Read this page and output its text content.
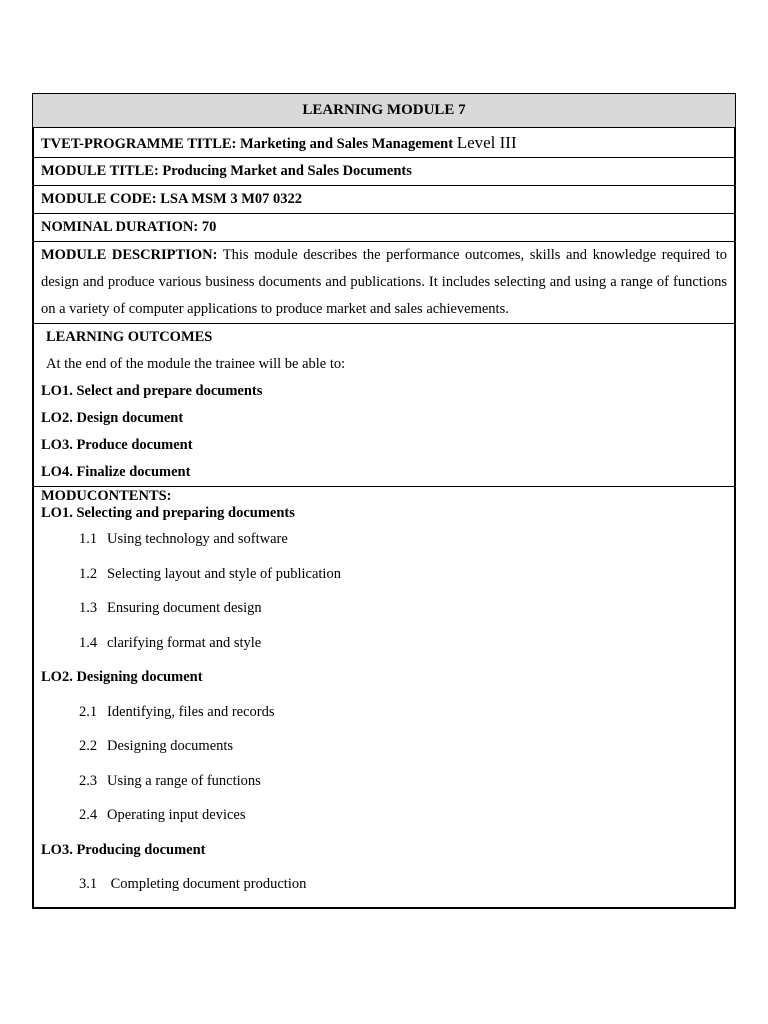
LEARNING MODULE 7
TVET-PROGRAMME TITLE: Marketing and Sales Management Level III
MODULE TITLE: Producing Market and Sales Documents
MODULE CODE: LSA MSM 3 M07 0322
NOMINAL DURATION: 70
MODULE DESCRIPTION: This module describes the performance outcomes, skills and knowledge required to design and produce various business documents and publications. It includes selecting and using a range of functions on a variety of computer applications to produce market and sales achievements.
LEARNING OUTCOMES
At the end of the module the trainee will be able to:
LO1. Select and prepare documents
LO2. Design document
LO3. Produce document
LO4. Finalize document
MODUCONTENTS:
LO1. Selecting and preparing documents
1.1 Using technology and software
1.2 Selecting layout and style of publication
1.3 Ensuring document design
1.4 clarifying format and style
LO2. Designing document
2.1 Identifying, files and records
2.2 Designing documents
2.3 Using a range of functions
2.4 Operating input devices
LO3. Producing document
3.1 Completing document production
